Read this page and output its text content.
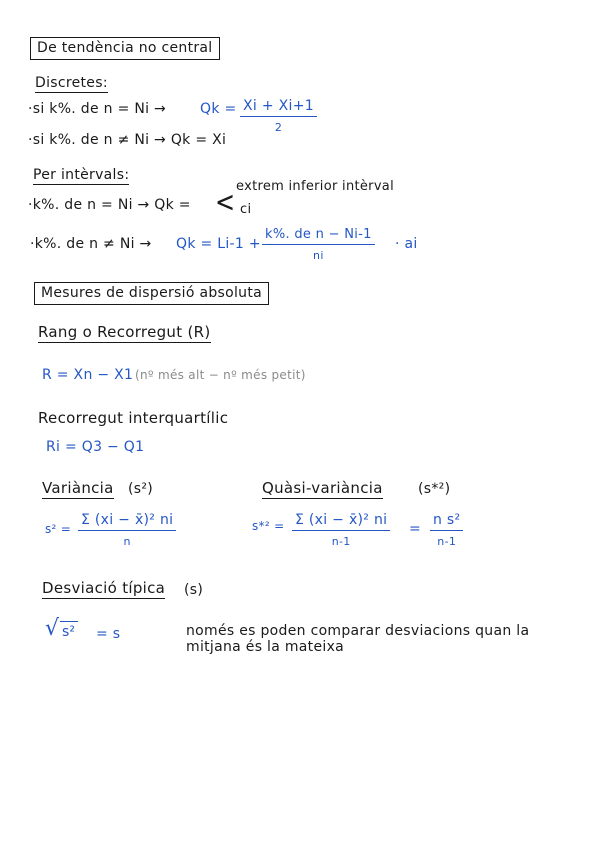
De tendència no central
Discretes:
·si k%. de n = Ni → Qk = Xi + Xi+1
2
·si k%. de n ≠ Ni → Qk = Xi
Per intèrvals:
·k%. de n = Ni → Qk = < extrem inferior intèrval
ci
·k%. de n ≠ Ni → Qk = Li-1 +
k%. de n − Ni-1
ni
· ai
Mesures de dispersió absoluta
Rang o Recorregut (R)
R = Xn − X1 (nº més alt − nº més petit)
Recorregut interquartílic
Ri = Q3 − Q1
Variància (s²)
s² =
Σ (xi − x̄)² ni
n
Quàsi-variància	(s*²)
s*² = Σ (xi − x̄)² ni
n-1
=
n s²
n-1
Desviació típica (s)
√ s² = s	només es poden comparar desviacions quan la
mitjana és la mateixa
